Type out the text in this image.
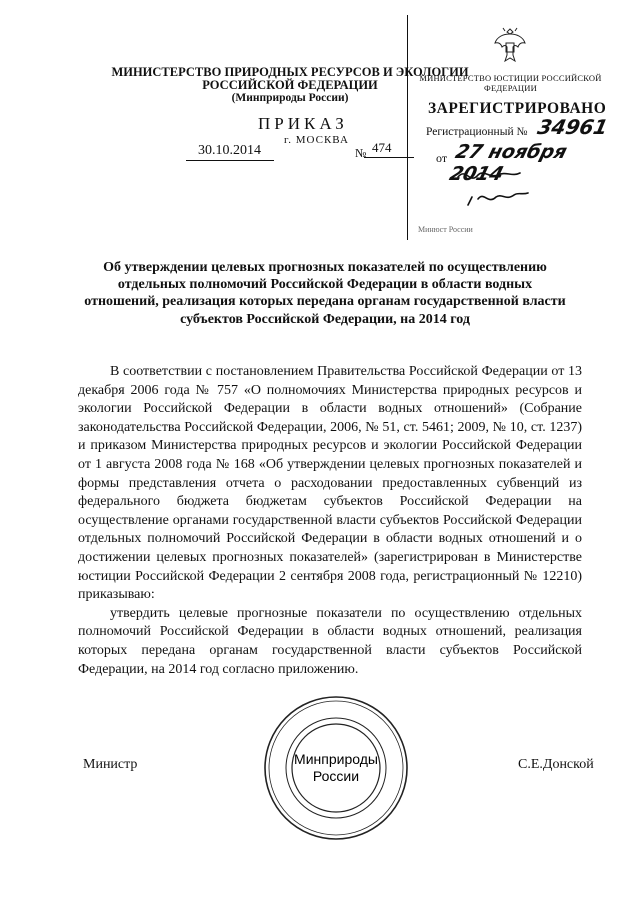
МИНИСТЕРСТВО ПРИРОДНЫХ РЕСУРСОВ И ЭКОЛОГИИ
РОССИЙСКОЙ ФЕДЕРАЦИИ
(Минприроды России)
ПРИКАЗ
30.10.2014
г. МОСКВА
№ 474
МИНИСТЕРСТВО ЮСТИЦИИ РОССИЙСКОЙ ФЕДЕРАЦИИ
ЗАРЕГИСТРИРОВАНО
Регистрационный № 34961
от 27 ноября 2014
Минюст России
Об утверждении целевых прогнозных показателей по осуществлению отдельных полномочий Российской Федерации в области водных отношений, реализация которых передана органам государственной власти субъектов Российской Федерации, на 2014 год

В соответствии с постановлением Правительства Российской Федерации от 13 декабря 2006 года № 757 «О полномочиях Министерства природных ресурсов и экологии Российской Федерации в области водных отношений» (Собрание законодательства Российской Федерации, 2006, № 51, ст. 5461; 2009, № 10, ст. 1237) и приказом Министерства природных ресурсов и экологии Российской Федерации от 1 августа 2008 года № 168 «Об утверждении целевых прогнозных показателей и формы представления отчета о расходовании предоставленных субвенций из федерального бюджета бюджетам субъектов Российской Федерации на осуществление органами государственной власти субъектов Российской Федерации отдельных полномочий Российской Федерации в области водных отношений и о достижении целевых прогнозных показателей» (зарегистрирован в Министерстве юстиции Российской Федерации 2 сентября 2008 года, регистрационный № 12210) приказываю:

утвердить целевые прогнозные показатели по осуществлению отдельных полномочий Российской Федерации в области водных отношений, реализация которых передана органам государственной власти субъектов Российской Федерации, на 2014 год согласно приложению.

Министр	С.Е.Донской
Минприроды
России
